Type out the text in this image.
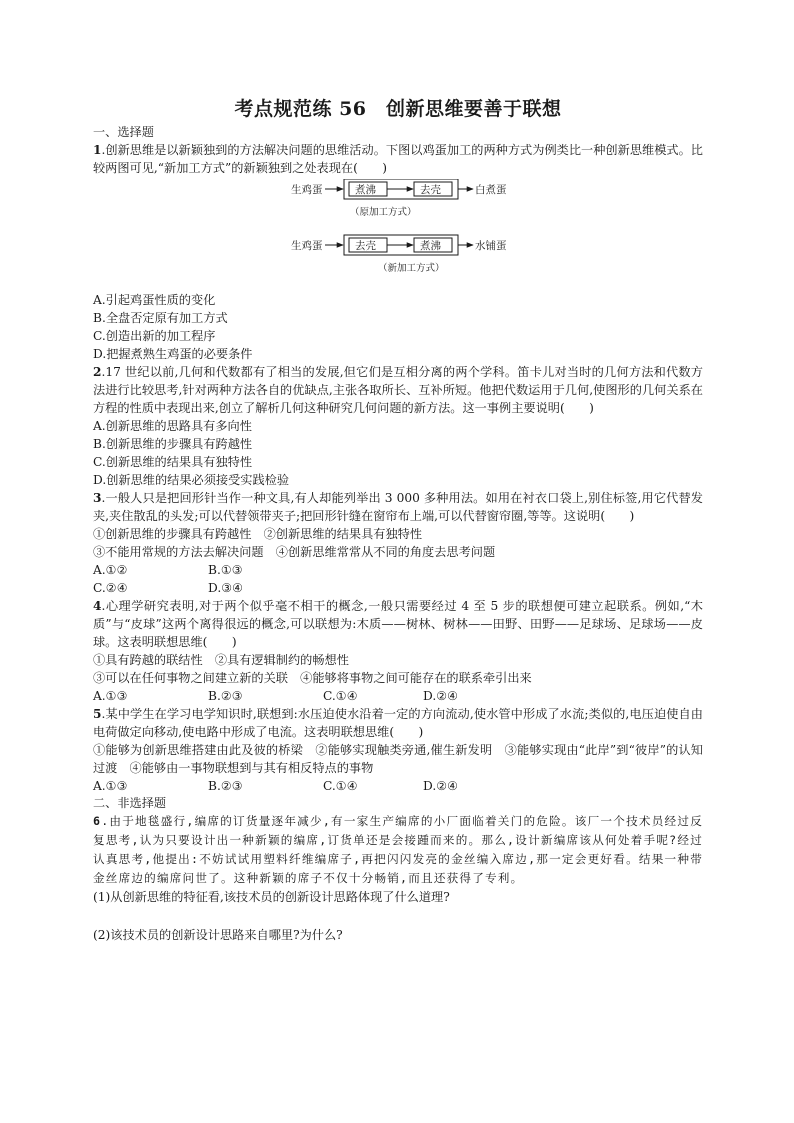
考点规范练 56　创新思维要善于联想

一、选择题

1.创新思维是以新颖独到的方法解决问题的思维活动。下图以鸡蛋加工的两种方式为例类比一种创新思维模式。比较两图可见,“新加工方式”的新颖独到之处表现在(　　)

生鸡蛋	煮沸	去壳	白煮蛋
（原加工方式）
生鸡蛋	去壳	煮沸	水铺蛋
（新加工方式）

A.引起鸡蛋性质的变化

B.全盘否定原有加工方式

C.创造出新的加工程序

D.把握煮熟生鸡蛋的必要条件

2.17 世纪以前,几何和代数都有了相当的发展,但它们是互相分离的两个学科。笛卡儿对当时的几何方法和代数方法进行比较思考,针对两种方法各自的优缺点,主张各取所长、互补所短。他把代数运用于几何,使图形的几何关系在方程的性质中表现出来,创立了解析几何这种研究几何问题的新方法。这一事例主要说明(　　)

A.创新思维的思路具有多向性

B.创新思维的步骤具有跨越性

C.创新思维的结果具有独特性

D.创新思维的结果必须接受实践检验

3.一般人只是把回形针当作一种文具,有人却能列举出 3 000 多种用法。如用在衬衣口袋上,别住标签,用它代替发夹,夹住散乱的头发;可以代替领带夹子;把回形针缝在窗帘布上端,可以代替窗帘圈,等等。这说明(　　)

①创新思维的步骤具有跨越性　②创新思维的结果具有独特性

③不能用常规的方法去解决问题　④创新思维常常从不同的角度去思考问题

A.①②	B.①③
C.②④	D.③④

4.心理学研究表明,对于两个似乎毫不相干的概念,一般只需要经过 4 至 5 步的联想便可建立起联系。例如,“木质”与“皮球”这两个离得很远的概念,可以联想为:木质——树林、树林——田野、田野——足球场、足球场——皮球。这表明联想思维(　　)

①具有跨越的联结性　②具有逻辑制约的畅想性

③可以在任何事物之间建立新的关联　④能够将事物之间可能存在的联系牵引出来

A.①③	B.②③	C.①④	D.②④

5.某中学生在学习电学知识时,联想到:水压迫使水沿着一定的方向流动,使水管中形成了水流;类似的,电压迫使自由电荷做定向移动,使电路中形成了电流。这表明联想思维(　　)

①能够为创新思维搭建由此及彼的桥梁　②能够实现触类旁通,催生新发明　③能够实现由“此岸”到“彼岸”的认知过渡　④能够由一事物联想到与其有相反特点的事物

A.①③	B.②③	C.①④	D.②④

二、非选择题

6.由于地毯盛行,编席的订货量逐年减少,有一家生产编席的小厂面临着关门的危险。该厂一个技术员经过反复思考,认为只要设计出一种新颖的编席,订货单还是会接踵而来的。那么,设计新编席该从何处着手呢?经过认真思考,他提出:不妨试试用塑料纤维编席子,再把闪闪发亮的金丝编入席边,那一定会更好看。结果一种带金丝席边的编席问世了。这种新颖的席子不仅十分畅销,而且还获得了专利。

(1)从创新思维的特征看,该技术员的创新设计思路体现了什么道理?

(2)该技术员的创新设计思路来自哪里?为什么?
